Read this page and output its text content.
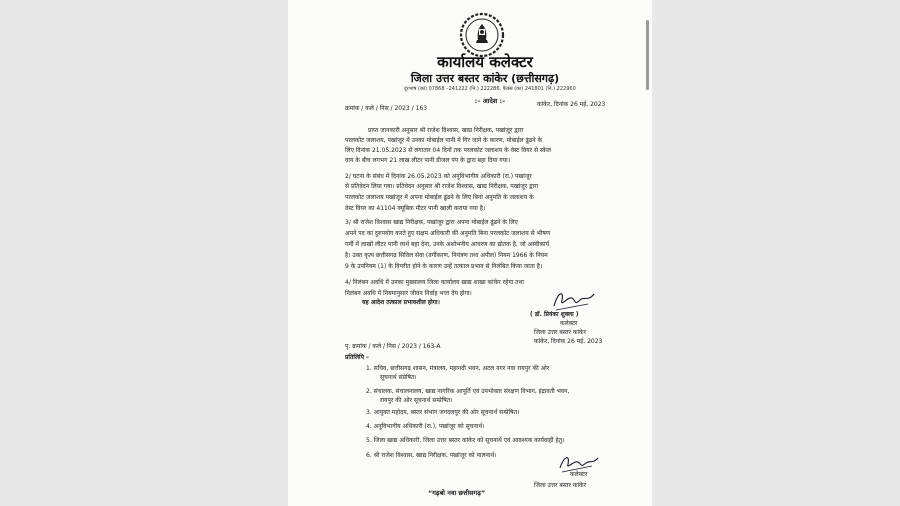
कार्यालय कलेक्टर
जिला उत्तर बस्तर कांकेर (छत्तीसगढ़)
दूरभाष (का) 07868 –241222 (नि.) 222286, फैक्स (का) 241801 (नि.) 222960
:– आदेश :–
क्रमांक / कले / निस / 2023 / 163
कांकेर, दिनांक 26 मई, 2023
प्राप्त जानकारी अनुसार श्री राजेश विश्वास, खाद्य निरीक्षक, पखांजूर द्वारा
परलकोट जलाशय, पखांजूर में उनका मोबाईल पानी में गिर जाने के कारण, मोबाईल ढूंढने के
लिए दिनांक 21.05.2023 से लगातार 04 दिनों तक परलकोट जलाशय के वेस्ट वियर से स्केल
वाय के बीच लगभग 21 लाख लीटर पानी डीजल पंप के द्वारा बहा दिया गया।
2/ घटना के संबंध में दिनांक 26.05.2023 को अनुविभागीय अधिकारी (रा.) पखांजूर
से प्रतिवेदन लिया गया। प्रतिवेदन अनुसार श्री राजेश विश्वास, खाद्य निरीक्षक, पखांजूर द्वारा
परलकोट जलाशय पखांजूर में अपना मोबाईल ढूंढने के लिए बिना अनुमति के जलाशय के
वेस्ट वियर का 41104 क्यूबिक मीटर पानी खाली कराया गया है।
3/ श्री राजेश विश्वास खाद्य निरीक्षक, पखांजूर द्वारा अपना मोबाईल ढूंढने के लिए
अपने पद का दुरुपयोग करते हुए सक्षम अधिकारी की अनुमति बिना परलकोट जलाशय से भीषण
गर्मी में लाखों लीटर पानी व्यर्थ बहा देना, उनके अशोभनीय आचरण का द्योतक है, जो अस्वीकार्य
है। उक्त कृत्य छत्तीसगढ़ सिविल सेवा (वर्गीकरण, नियंत्रण तथा अपील) नियम 1966 के नियम
9 के उपनियम (1) के विपरीत होने के कारण उन्हें तत्काल प्रभाव से निलंबित किया जाता है।
4/ निलंबन अवधि में उनका मुख्यालय जिला कार्यालय खाद्य शाखा कांकेर रहेगा तथा
निलंबन अवधि में नियमानुसार जीवन निर्वाह भत्ता देय होगा।
यह आदेश तत्काल प्रभावशील होगा।
( डॉ. प्रियंका शुक्ला )
कलेक्टर
जिला उत्तर बस्तर कांकेर
कांकेर, दिनांक 26 मई, 2023
पृ. क्रमांक / कले / निस / 2023 / 163-A
प्रतिलिपि –
1. सचिव, छत्तीसगढ़ शासन, मंत्रालय, महानदी भवन, अटल नगर नवा रायपुर की ओर
सूचनार्थ संप्रेषित।
2. संचालक, संचालनालय, खाद्य नागरिक आपूर्ति एवं उपभोक्ता संरक्षण विभाग, इंद्रावती भवन,
रायपुर की ओर सूचनार्थ सम्प्रेषित।
3. आयुक्त महोदय, बस्तर संभाग जगदलपुर की ओर सूचनार्थ सम्प्रेषित।
4. अनुविभागीय अधिकारी (रा.), पखांजूर को सूचनार्थ।
5. जिला खाद्य अधिकारी, जिला उत्तर बस्तर कांकेर को सूचनार्थ एवं आवश्यक कार्यवाही हेतु।
6. श्री राजेश विश्वास, खाद्य निरीक्षक, पखांजूर को पालनार्थ।
कलेक्टर
जिला उत्तर बस्तर कांकेर
“गढ़बो नवा छत्तीसगढ़”
